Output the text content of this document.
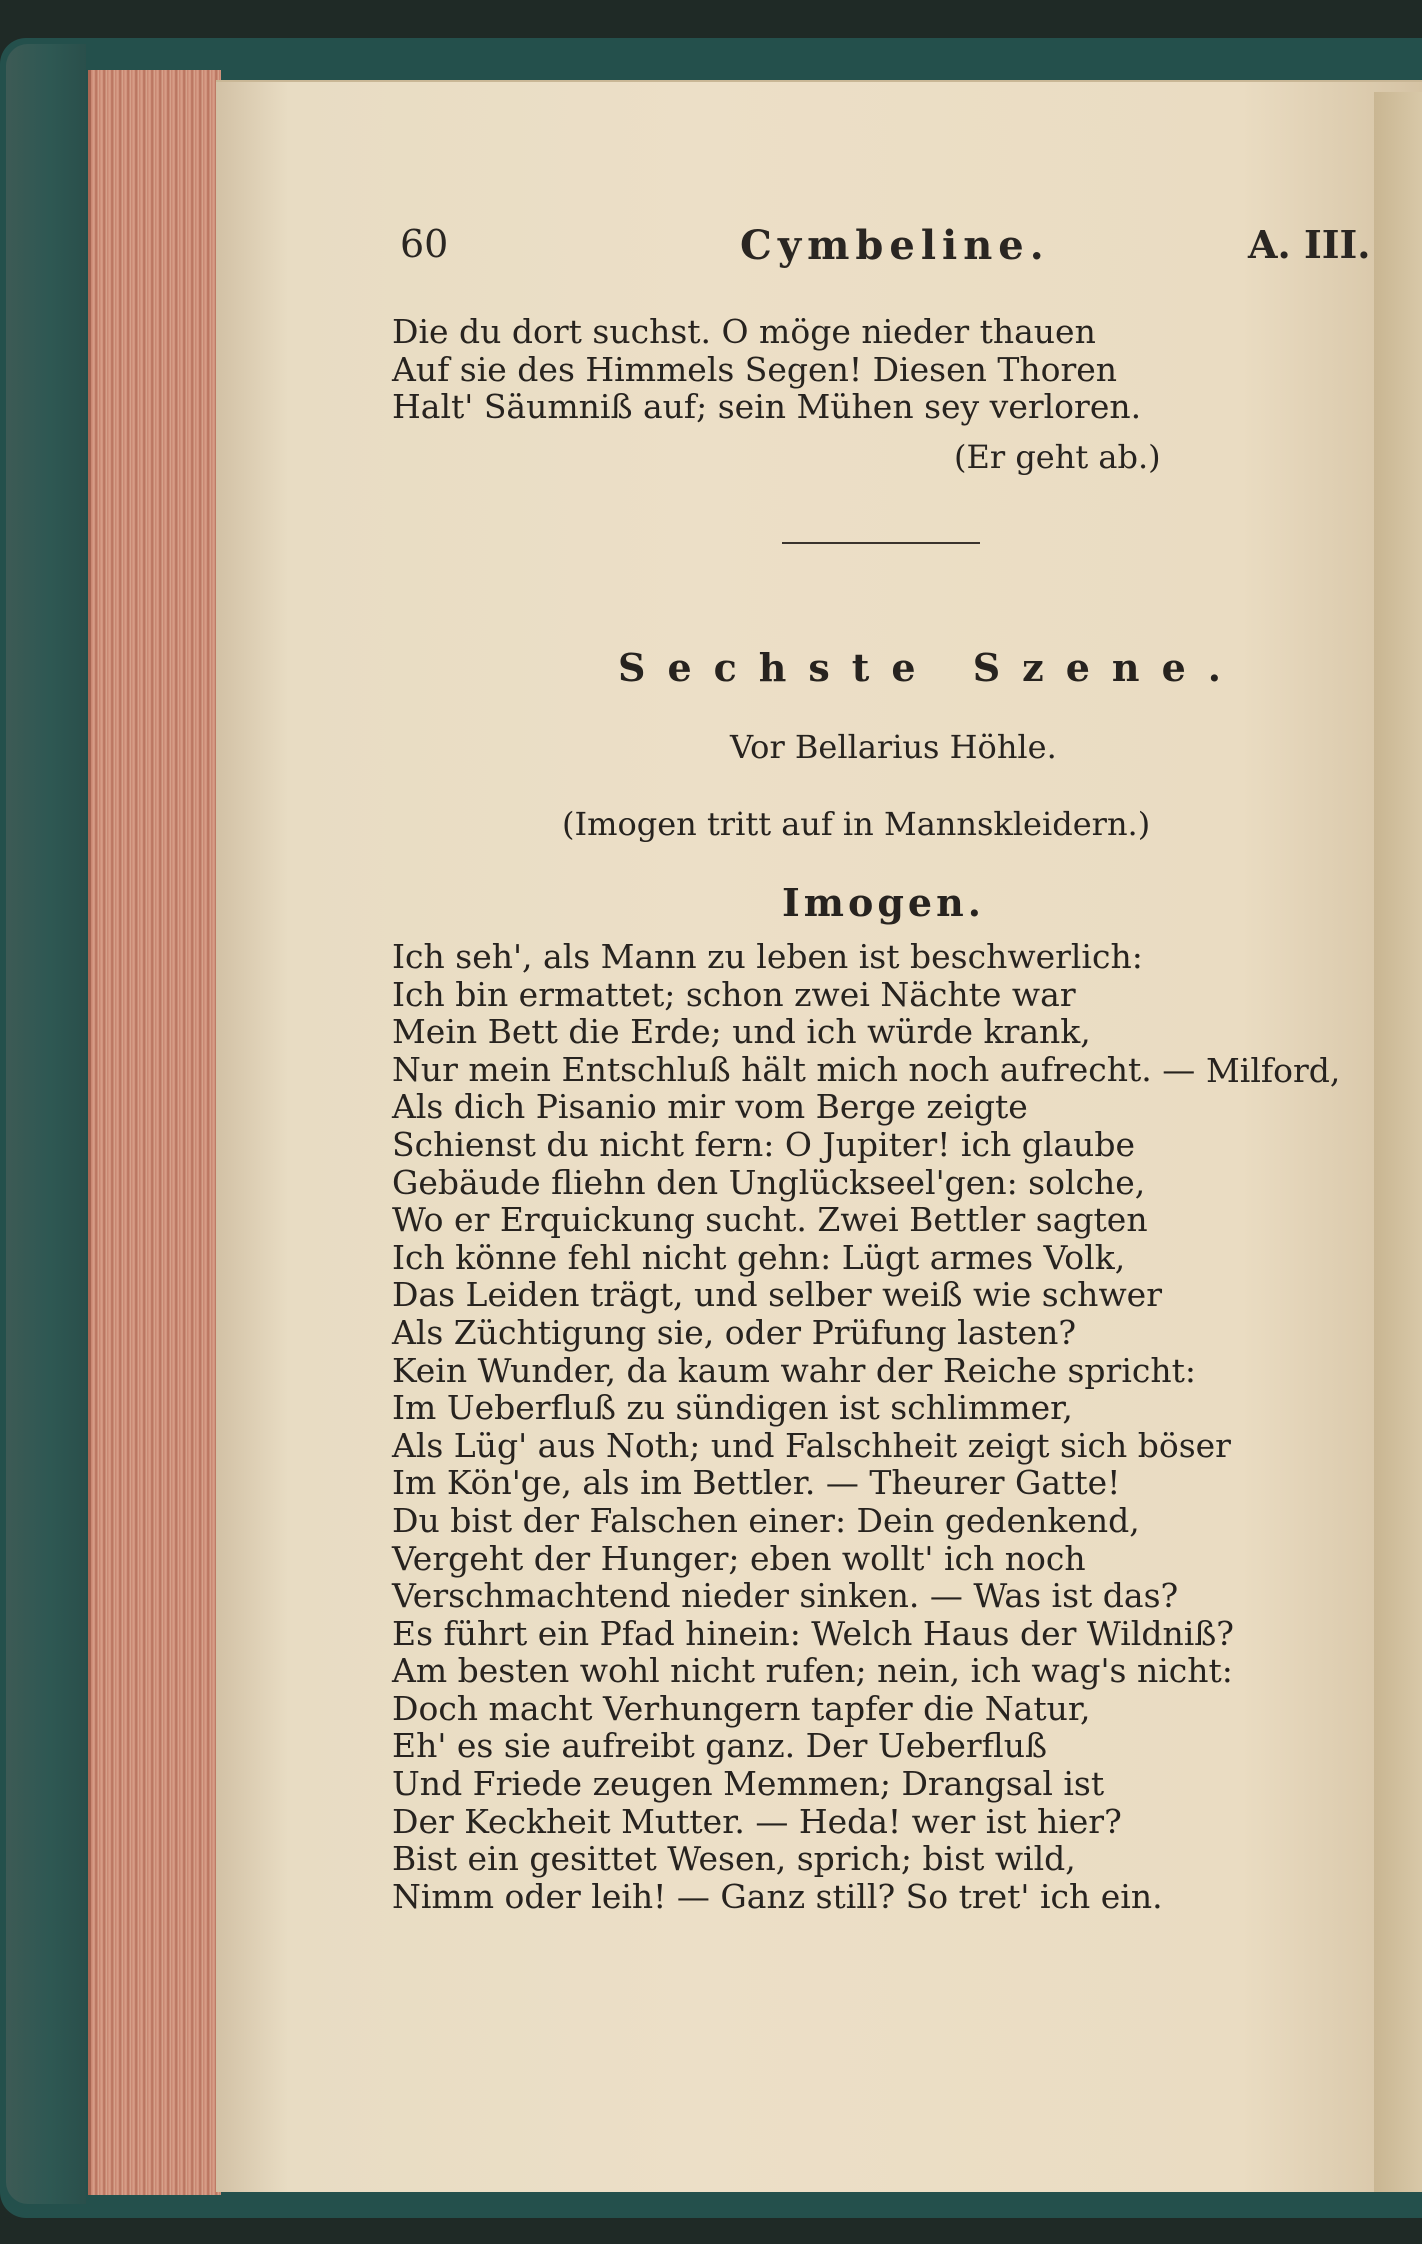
60	Cymbeline.	A. III.
Die du dort suchst. O möge nieder thauen
Auf sie des Himmels Segen! Diesen Thoren
Halt' Säumniß auf; sein Mühen sey verloren.
(Er geht ab.)
Sechste Szene.
Vor Bellarius Höhle.
(Imogen tritt auf in Mannskleidern.)
Imogen.
Ich seh', als Mann zu leben ist beschwerlich:
Ich bin ermattet; schon zwei Nächte war
Mein Bett die Erde; und ich würde krank,
Nur mein Entschluß hält mich noch aufrecht. —
Als dich Pisanio mir vom Berge zeigte
Schienst du nicht fern: O Jupiter! ich glaube
Gebäude fliehn den Unglückseel'gen: solche,
Wo er Erquickung sucht. Zwei Bettler sagten
Ich könne fehl nicht gehn: Lügt armes Volk,
Das Leiden trägt, und selber weiß wie schwer
Als Züchtigung sie, oder Prüfung lasten?
Kein Wunder, da kaum wahr der Reiche spricht:
Im Ueberfluß zu sündigen ist schlimmer,
Als Lüg' aus Noth; und Falschheit zeigt sich böser
Im Kön'ge, als im Bettler. — Theurer Gatte!
Du bist der Falschen einer: Dein gedenkend,
Vergeht der Hunger; eben wollt' ich noch
Verschmachtend nieder sinken. — Was ist das?
Es führt ein Pfad hinein: Welch Haus der Wildniß?
Am besten wohl nicht rufen; nein, ich wag's nicht:
Doch macht Verhungern tapfer die Natur,
Eh' es sie aufreibt ganz. Der Ueberfluß
Und Friede zeugen Memmen; Drangsal ist
Der Keckheit Mutter. — Heda! wer ist hier?
Bist ein gesittet Wesen, sprich; bist wild,
Nimm oder leih! — Ganz still? So tret' ich ein.
Milford,
